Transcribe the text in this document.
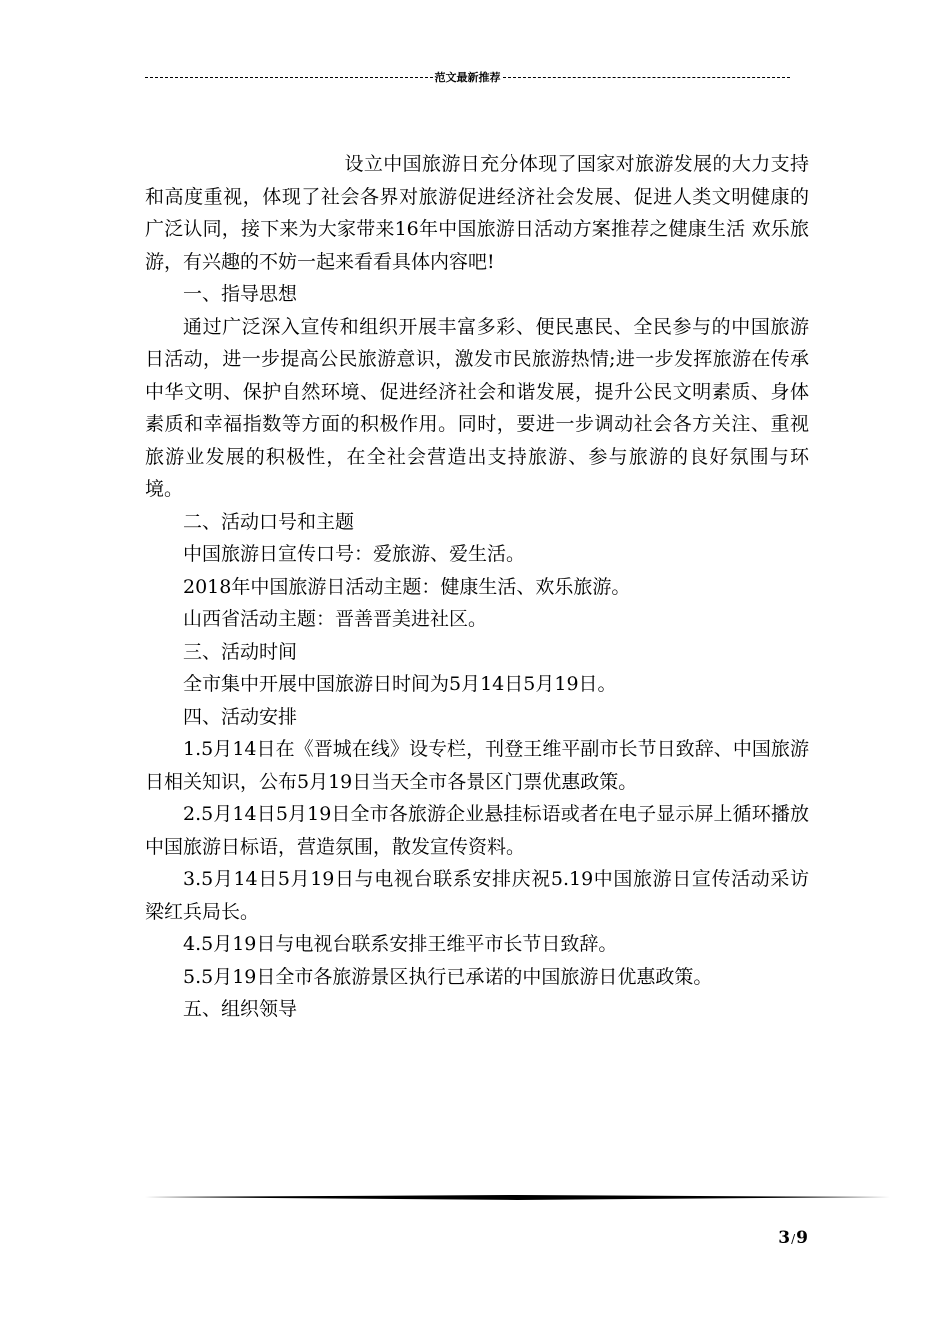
范文最新推荐

设立中国旅游日充分体现了国家对旅游发展的大力支持和高度重视，体现了社会各界对旅游促进经济社会发展、促进人类文明健康的广泛认同，接下来为大家带来16年中国旅游日活动方案推荐之健康生活 欢乐旅游，有兴趣的不妨一起来看看具体内容吧!

一、指导思想

通过广泛深入宣传和组织开展丰富多彩、便民惠民、全民参与的中国旅游日活动，进一步提高公民旅游意识，激发市民旅游热情;进一步发挥旅游在传承中华文明、保护自然环境、促进经济社会和谐发展，提升公民文明素质、身体素质和幸福指数等方面的积极作用。同时，要进一步调动社会各方关注、重视旅游业发展的积极性，在全社会营造出支持旅游、参与旅游的良好氛围与环境。

二、活动口号和主题

中国旅游日宣传口号：爱旅游、爱生活。

2018年中国旅游日活动主题：健康生活、欢乐旅游。

山西省活动主题：晋善晋美进社区。

三、活动时间

全市集中开展中国旅游日时间为5月14日5月19日。

四、活动安排

1.5月14日在《晋城在线》设专栏，刊登王维平副市长节日致辞、中国旅游日相关知识，公布5月19日当天全市各景区门票优惠政策。

2.5月14日5月19日全市各旅游企业悬挂标语或者在电子显示屏上循环播放中国旅游日标语，营造氛围，散发宣传资料。

3.5月14日5月19日与电视台联系安排庆祝5.19中国旅游日宣传活动采访梁红兵局长。

4.5月19日与电视台联系安排王维平市长节日致辞。

5.5月19日全市各旅游景区执行已承诺的中国旅游日优惠政策。

五、组织领导

3/9
